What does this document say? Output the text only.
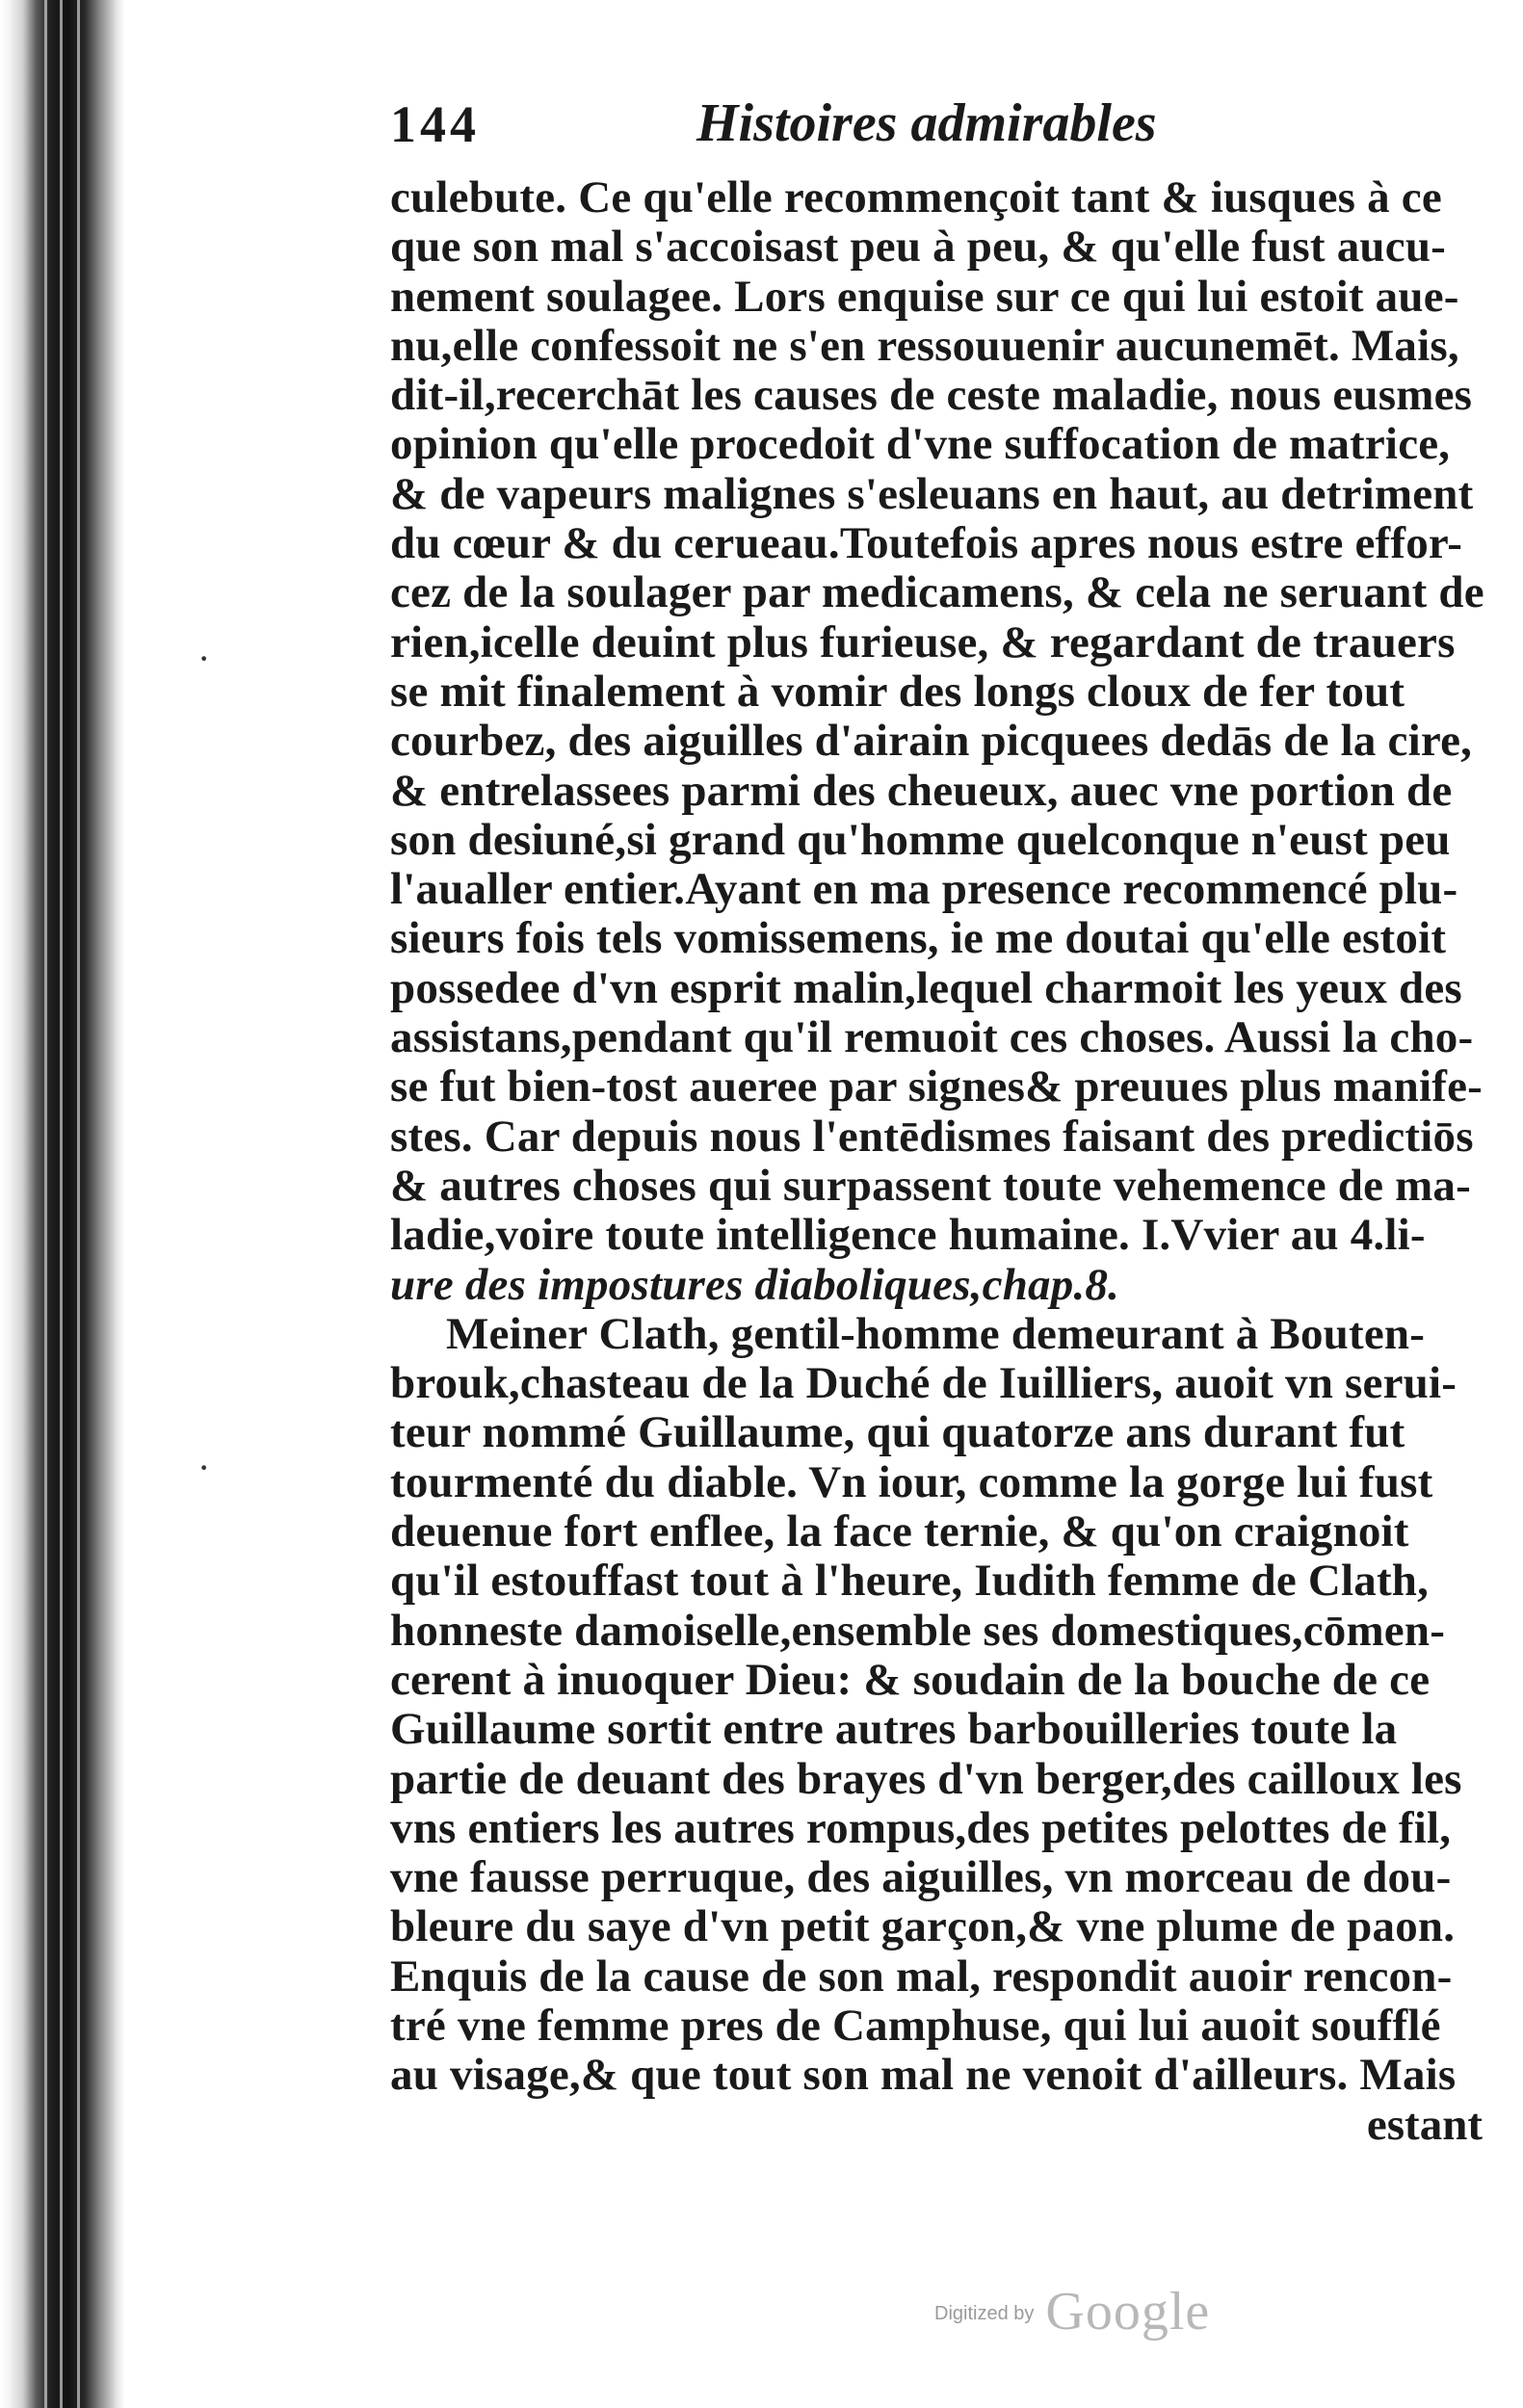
144	Histoires admirables
culebute. Ce qu'elle recommençoit tant & iusques à ce
que son mal s'accoisast peu à peu, & qu'elle fust aucu-
nement soulagee. Lors enquise sur ce qui lui estoit aue-
nu,elle confessoit ne s'en ressouuenir aucunemēt. Mais,
dit-il,recerchāt les causes de ceste maladie, nous eusmes
opinion qu'elle procedoit d'vne suffocation de matrice,
& de vapeurs malignes s'esleuans en haut, au detriment
du cœur & du cerueau.Toutefois apres nous estre effor-
cez de la soulager par medicamens, & cela ne seruant de
rien,icelle deuint plus furieuse, & regardant de trauers
se mit finalement à vomir des longs cloux de fer tout
courbez, des aiguilles d'airain picquees dedās de la cire,
& entrelassees parmi des cheueux, auec vne portion de
son desiuné,si grand qu'homme quelconque n'eust peu
l'aualler entier.Ayant en ma presence recommencé plu-
sieurs fois tels vomissemens, ie me doutai qu'elle estoit
possedee d'vn esprit malin,lequel charmoit les yeux des
assistans,pendant qu'il remuoit ces choses. Aussi la cho-
se fut bien-tost aueree par signes& preuues plus manife-
stes. Car depuis nous l'entēdismes faisant des predictiōs
& autres choses qui surpassent toute vehemence de ma-
ladie,voire toute intelligence humaine. I.Vvier au 4.li-
ure des impostures diaboliques,chap.8.
Meiner Clath, gentil-homme demeurant à Bouten-
brouk,chasteau de la Duché de Iuilliers, auoit vn serui-
teur nommé Guillaume, qui quatorze ans durant fut
tourmenté du diable. Vn iour, comme la gorge lui fust
deuenue fort enflee, la face ternie, & qu'on craignoit
qu'il estouffast tout à l'heure, Iudith femme de Clath,
honneste damoiselle,ensemble ses domestiques,cōmen-
cerent à inuoquer Dieu: & soudain de la bouche de ce
Guillaume sortit entre autres barbouilleries toute la
partie de deuant des brayes d'vn berger,des cailloux les
vns entiers les autres rompus,des petites pelottes de fil,
vne fausse perruque, des aiguilles, vn morceau de dou-
bleure du saye d'vn petit garçon,& vne plume de paon.
Enquis de la cause de son mal, respondit auoir rencon-
tré vne femme pres de Camphuse, qui lui auoit soufflé
au visage,& que tout son mal ne venoit d'ailleurs. Mais
estant
·
·
Digitized by Google
